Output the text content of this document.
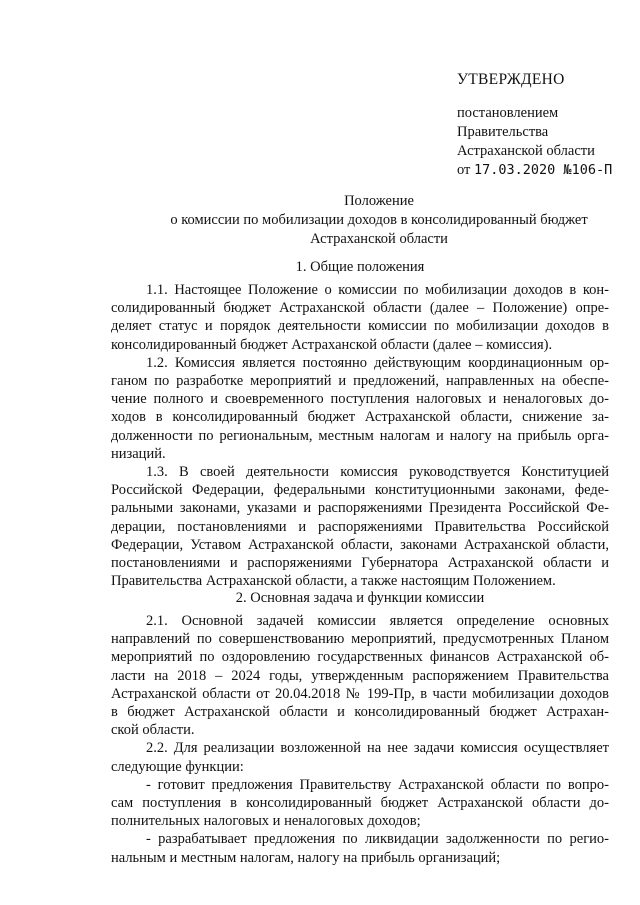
УТВЕРЖДЕНО
постановлением
Правительства
Астраханской области
от 17.03.2020 №106-П
Положение
о комиссии по мобилизации доходов в консолидированный бюджет
Астраханской области
1. Общие положения
1.1. Настоящее Положение о комиссии по мобилизации доходов в кон-
солидированный бюджет Астраханской области (далее – Положение) опре-
деляет статус и порядок деятельности комиссии по мобилизации доходов в
консолидированный бюджет Астраханской области (далее – комиссия).
1.2. Комиссия является постоянно действующим координационным ор-
ганом по разработке мероприятий и предложений, направленных на обеспе-
чение полного и своевременного поступления налоговых и неналоговых до-
ходов в консолидированный бюджет Астраханской области, снижение за-
долженности по региональным, местным налогам и налогу на прибыль орга-
низаций.
1.3. В своей деятельности комиссия руководствуется Конституцией
Российской Федерации, федеральными конституционными законами, феде-
ральными законами, указами и распоряжениями Президента Российской Фе-
дерации, постановлениями и распоряжениями Правительства Российской
Федерации, Уставом Астраханской области, законами Астраханской области,
постановлениями и распоряжениями Губернатора Астраханской области и
Правительства Астраханской области, а также настоящим Положением.
2. Основная задача и функции комиссии
2.1. Основной задачей комиссии является определение основных
направлений по совершенствованию мероприятий, предусмотренных Планом
мероприятий по оздоровлению государственных финансов Астраханской об-
ласти на 2018 – 2024 годы, утвержденным распоряжением Правительства
Астраханской области от 20.04.2018 № 199-Пр, в части мобилизации доходов
в бюджет Астраханской области и консолидированный бюджет Астрахан-
ской области.
2.2. Для реализации возложенной на нее задачи комиссия осуществляет
следующие функции:
- готовит предложения Правительству Астраханской области по вопро-
сам поступления в консолидированный бюджет Астраханской области до-
полнительных налоговых и неналоговых доходов;
- разрабатывает предложения по ликвидации задолженности по регио-
нальным и местным налогам, налогу на прибыль организаций;
